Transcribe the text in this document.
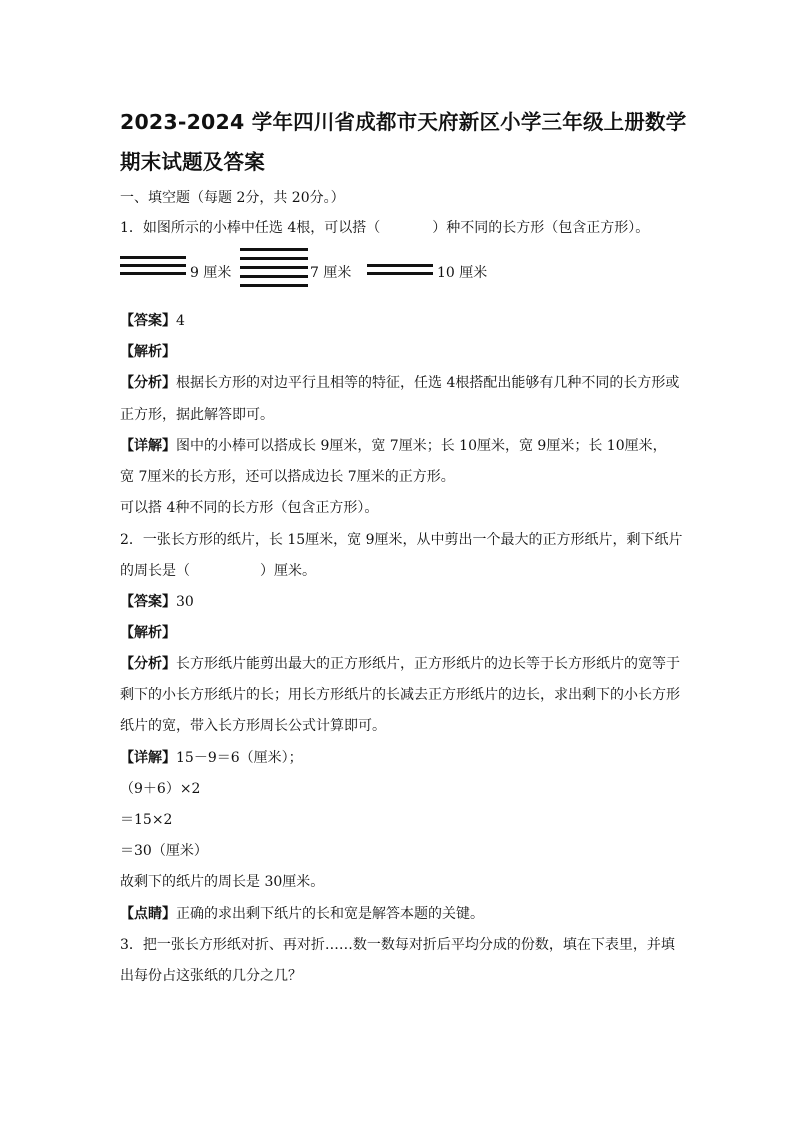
2023-2024 学年四川省成都市天府新区小学三年级上册数学
期末试题及答案
一、填空题（每题 2分，共 20分。）
1．如图所示的小棒中任选 4根，可以搭（	）种不同的长方形（包含正方形）。
9 厘米	7 厘米	10 厘米
【答案】4
【解析】
【分析】根据长方形的对边平行且相等的特征，任选 4根搭配出能够有几种不同的长方形或
正方形，据此解答即可。
【详解】图中的小棒可以搭成长 9厘米，宽 7厘米；长 10厘米，宽 9厘米；长 10厘米，
宽 7厘米的长方形，还可以搭成边长 7厘米的正方形。
可以搭 4种不同的长方形（包含正方形）。
2．一张长方形的纸片，长 15厘米，宽 9厘米，从中剪出一个最大的正方形纸片，剩下纸片
的周长是（	）厘米。
【答案】30
【解析】
【分析】长方形纸片能剪出最大的正方形纸片，正方形纸片的边长等于长方形纸片的宽等于
剩下的小长方形纸片的长；用长方形纸片的长减去正方形纸片的边长，求出剩下的小长方形
纸片的宽，带入长方形周长公式计算即可。
【详解】15－9＝6（厘米）；
（9＋6）×2
＝15×2
＝30（厘米）
故剩下的纸片的周长是 30厘米。
【点睛】正确的求出剩下纸片的长和宽是解答本题的关键。
3．把一张长方形纸对折、再对折……数一数每对折后平均分成的份数，填在下表里，并填
出每份占这张纸的几分之几？
